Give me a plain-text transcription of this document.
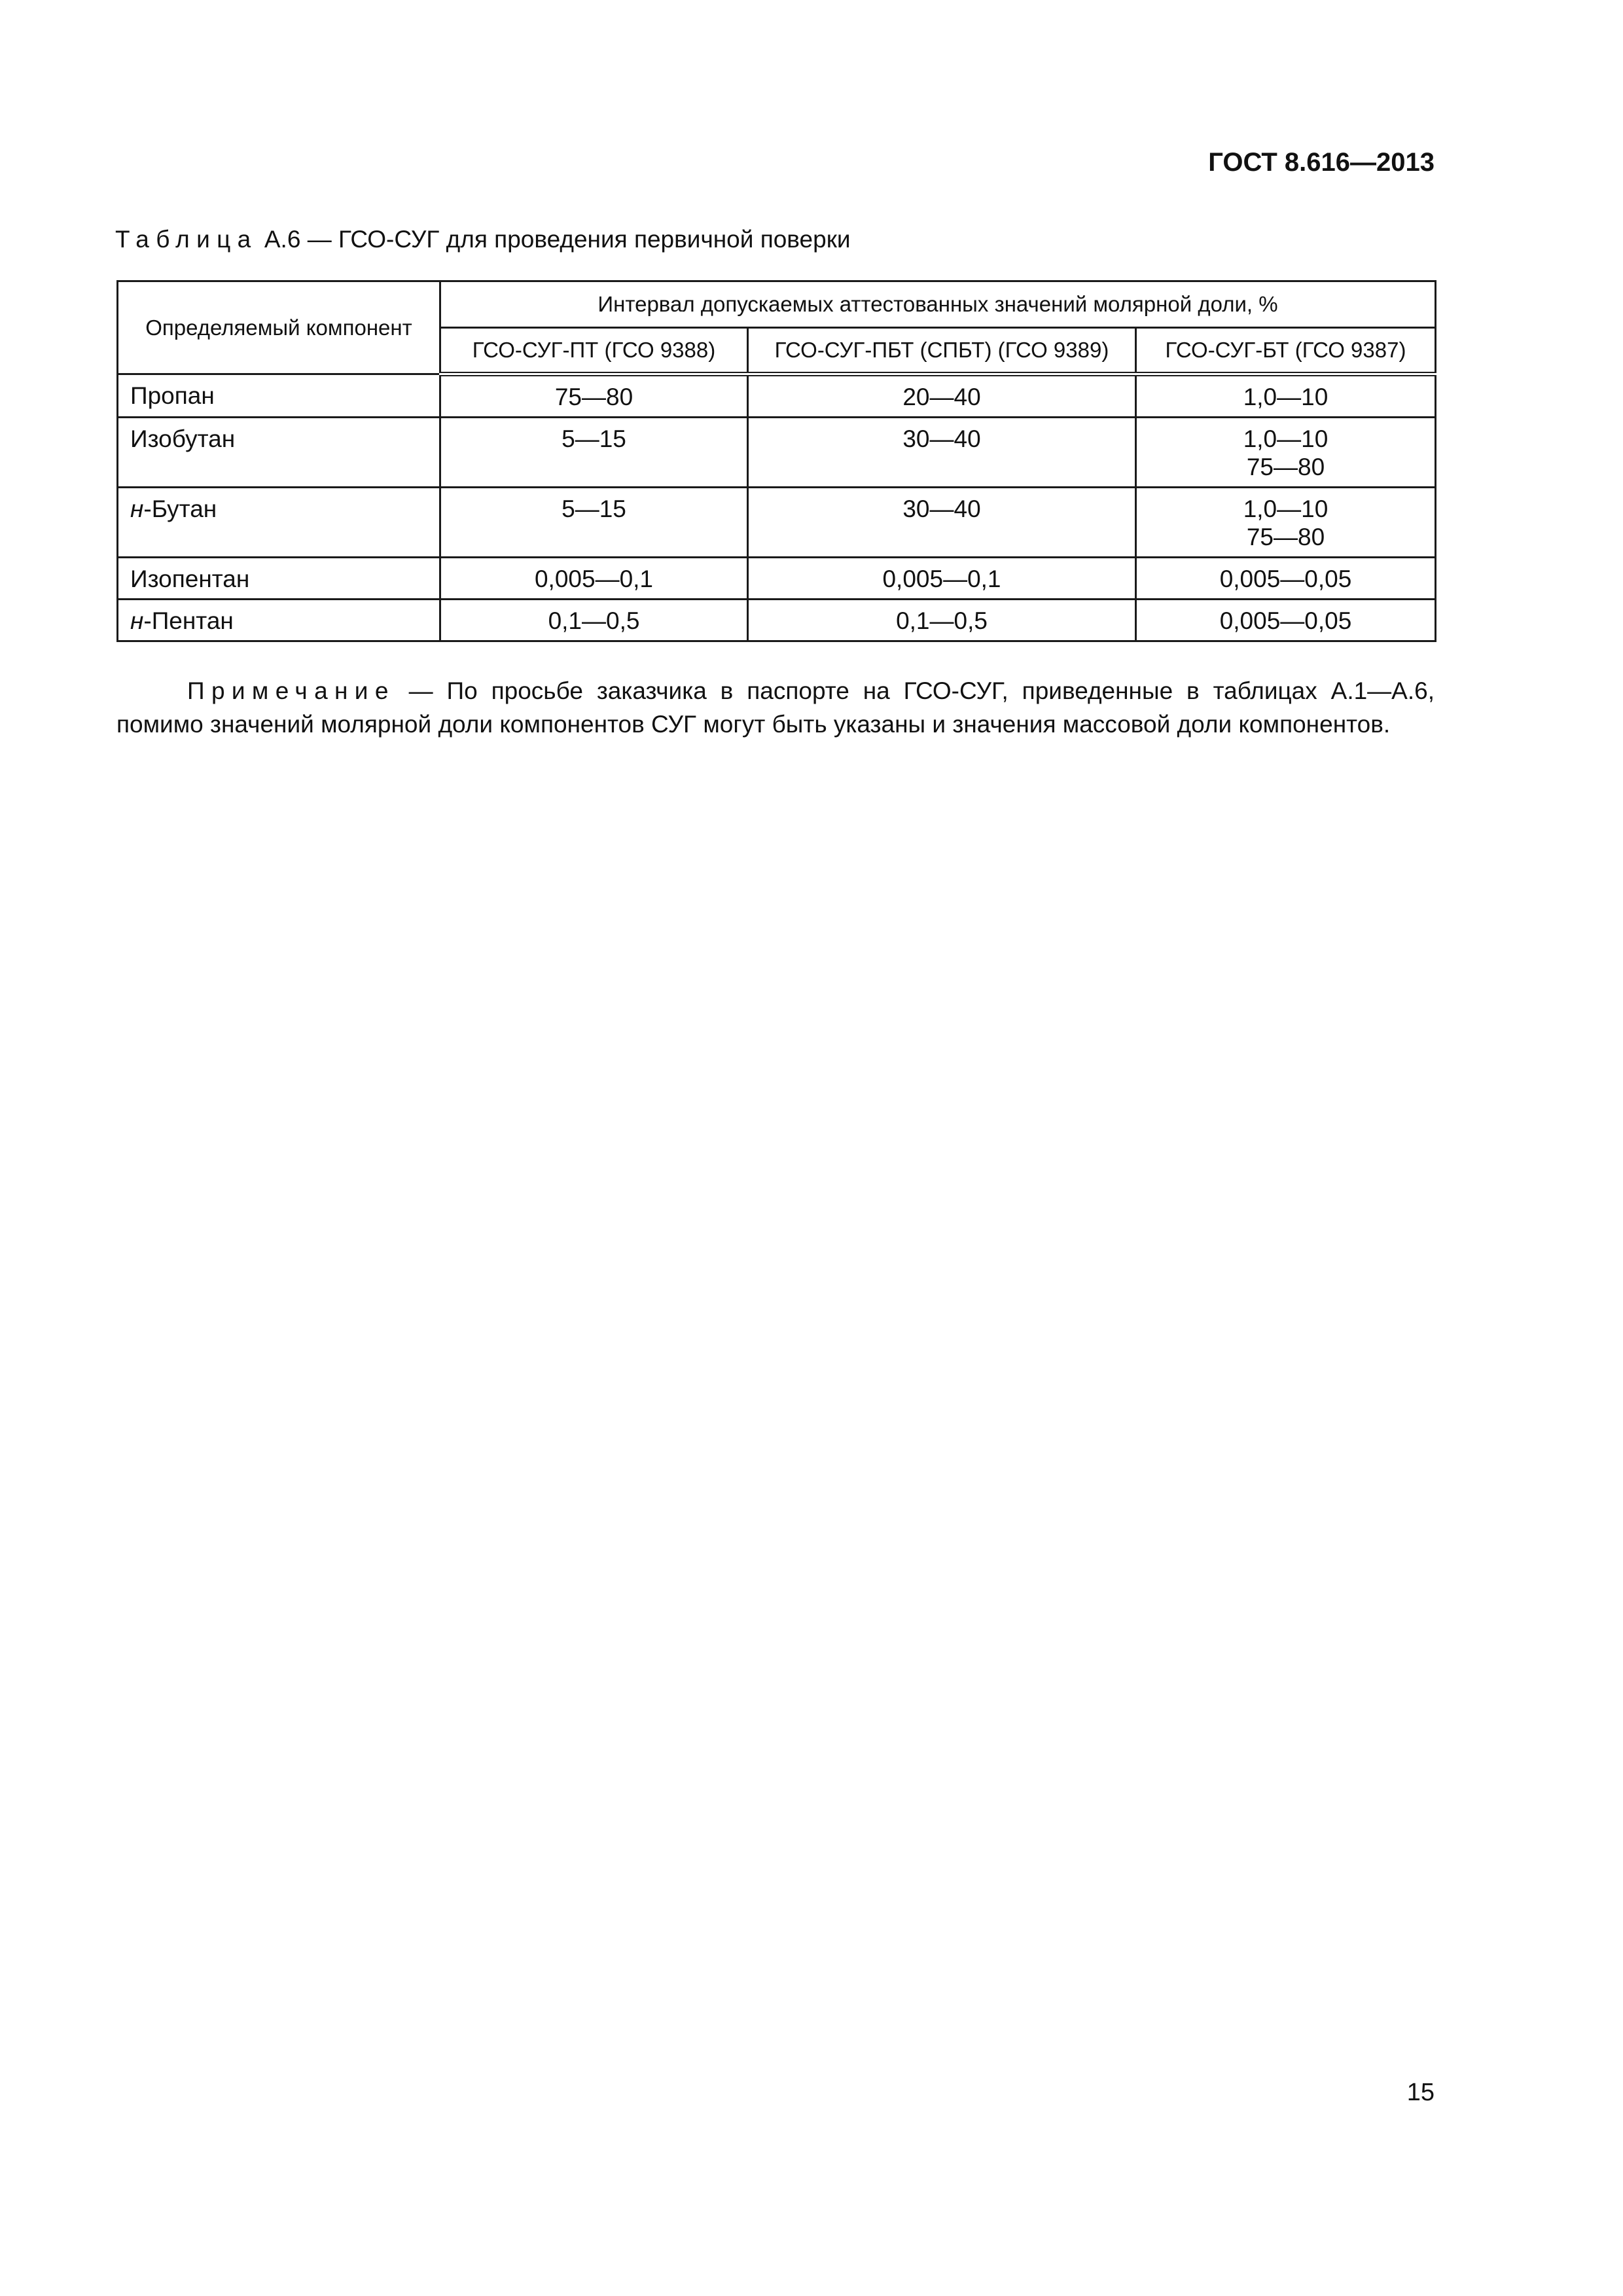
ГОСТ 8.616—2013
Таблица А.6 — ГСО-СУГ для проведения первичной поверки
Определяемый компонент	Интервал допускаемых аттестованных значений молярной доли, %		
	ГСО-СУГ-ПТ (ГСО 9388)	ГСО-СУГ-ПБТ (СПБТ) (ГСО 9389)	ГСО-СУГ-БТ (ГСО 9387)
Пропан	75—80	20—40	1,0—10

Изобутан	5—15	30—40	1,0—10
75—80

н-Бутан	5—15	30—40	1,0—10
75—80

Изопентан	0,005—0,1	0,005—0,1	0,005—0,05

н-Пентан	0,1—0,5	0,1—0,5	0,005—0,05

Примечание — По просьбе заказчика в паспорте на ГСО-СУГ, приведенные в таблицах А.1—А.6, помимо значений молярной доли компонентов СУГ могут быть указаны и значения массовой доли компонентов.

15
